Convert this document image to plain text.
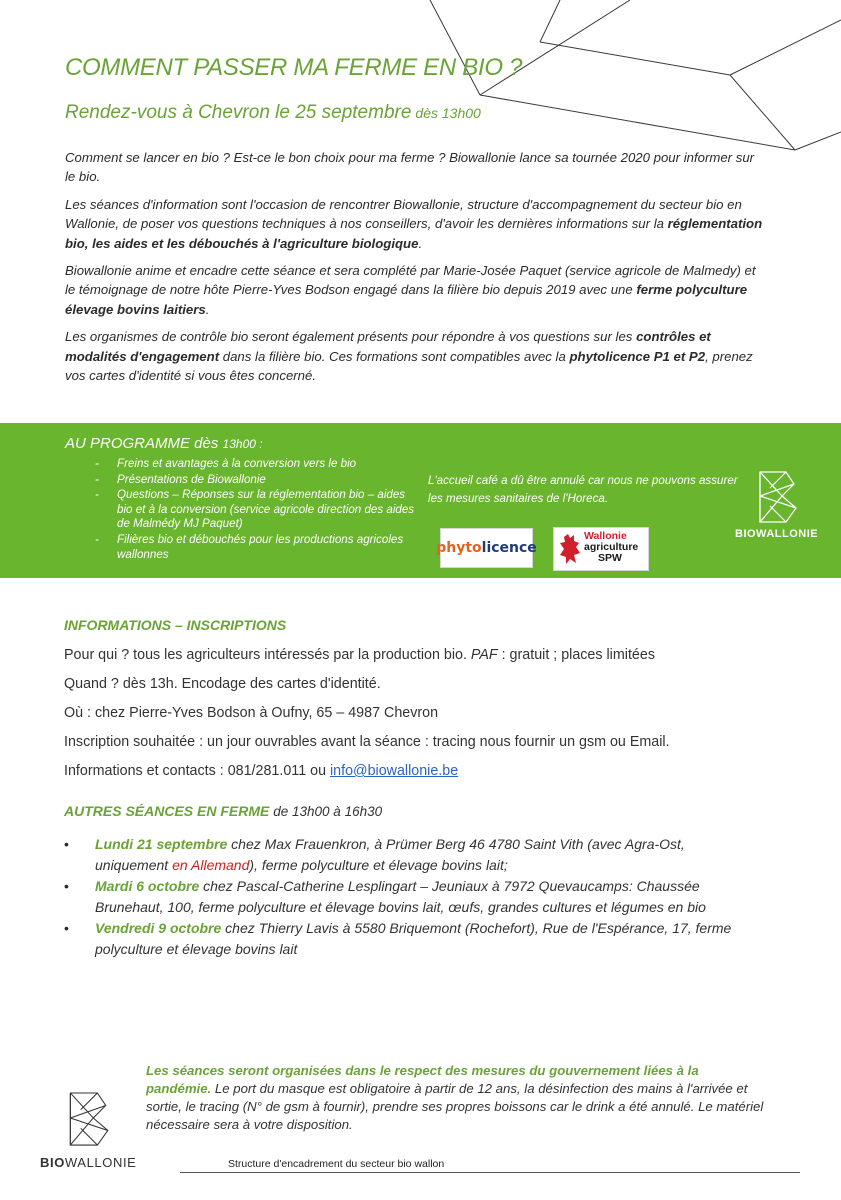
COMMENT PASSER MA FERME EN BIO ?
Rendez-vous à Chevron le 25 septembre dès 13h00

Comment se lancer en bio ? Est-ce le bon choix pour ma ferme ? Biowallonie lance sa tournée 2020 pour informer sur le bio.

Les séances d'information sont l'occasion de rencontrer Biowallonie, structure d'accompagnement du secteur bio en Wallonie, de poser vos questions techniques à nos conseillers, d'avoir les dernières informations sur la réglementation bio, les aides et les débouchés à l'agriculture biologique.

Biowallonie anime et encadre cette séance et sera complété par Marie-Josée Paquet (service agricole de Malmedy) et le témoignage de notre hôte Pierre-Yves Bodson engagé dans la filière bio depuis 2019 avec une ferme polyculture élevage bovins laitiers.

Les organismes de contrôle bio seront également présents pour répondre à vos questions sur les contrôles et modalités d'engagement dans la filière bio. Ces formations sont compatibles avec la phytolicence P1 et P2, prenez vos cartes d'identité si vous êtes concerné.

AU PROGRAMME dès 13h00 :
- Freins et avantages à la conversion vers le bio
- Présentations de Biowallonie
- Questions – Réponses sur la réglementation bio – aides bio et à la conversion (service agricole direction des aides de Malmédy MJ Paquet)
- Filières bio et débouchés pour les productions agricoles wallonnes
L'accueil café a dû être annulé car nous ne pouvons assurer les mesures sanitaires de l'Horeca.
phyto licence
Wallonie
agriculture
SPW
BIOWALLONIE
INFORMATIONS – INSCRIPTIONS
Pour qui ? tous les agriculteurs intéressés par la production bio. PAF : gratuit ; places limitées
Quand ? dès 13h. Encodage des cartes d'identité.
Où : chez Pierre-Yves Bodson à Oufny, 65 – 4987 Chevron
Inscription souhaitée : un jour ouvrables avant la séance : tracing nous fournir un gsm ou Email.
Informations et contacts : 081/281.011 ou info@biowallonie.be
AUTRES SÉANCES EN FERME de 13h00 à 16h30
• Lundi 21 septembre chez Max Frauenkron, à Prümer Berg 46 4780 Saint Vith (avec Agra-Ost, uniquement en Allemand), ferme polyculture et élevage bovins lait;
• Mardi 6 octobre chez Pascal-Catherine Lesplingart – Jeuniaux à 7972 Quevaucamps: Chaussée Brunehaut, 100, ferme polyculture et élevage bovins lait, œufs, grandes cultures et légumes en bio
• Vendredi 9 octobre chez Thierry Lavis à 5580 Briquemont (Rochefort), Rue de l'Espérance, 17, ferme polyculture et élevage bovins lait
Les séances seront organisées dans le respect des mesures du gouvernement liées à la pandémie. Le port du masque est obligatoire à partir de 12 ans, la désinfection des mains à l'arrivée et sortie, le tracing (N° de gsm à fournir), prendre ses propres boissons car le drink a été annulé. Le matériel nécessaire sera à votre disposition.
BIOWALLONIE	Structure d'encadrement du secteur bio wallon
